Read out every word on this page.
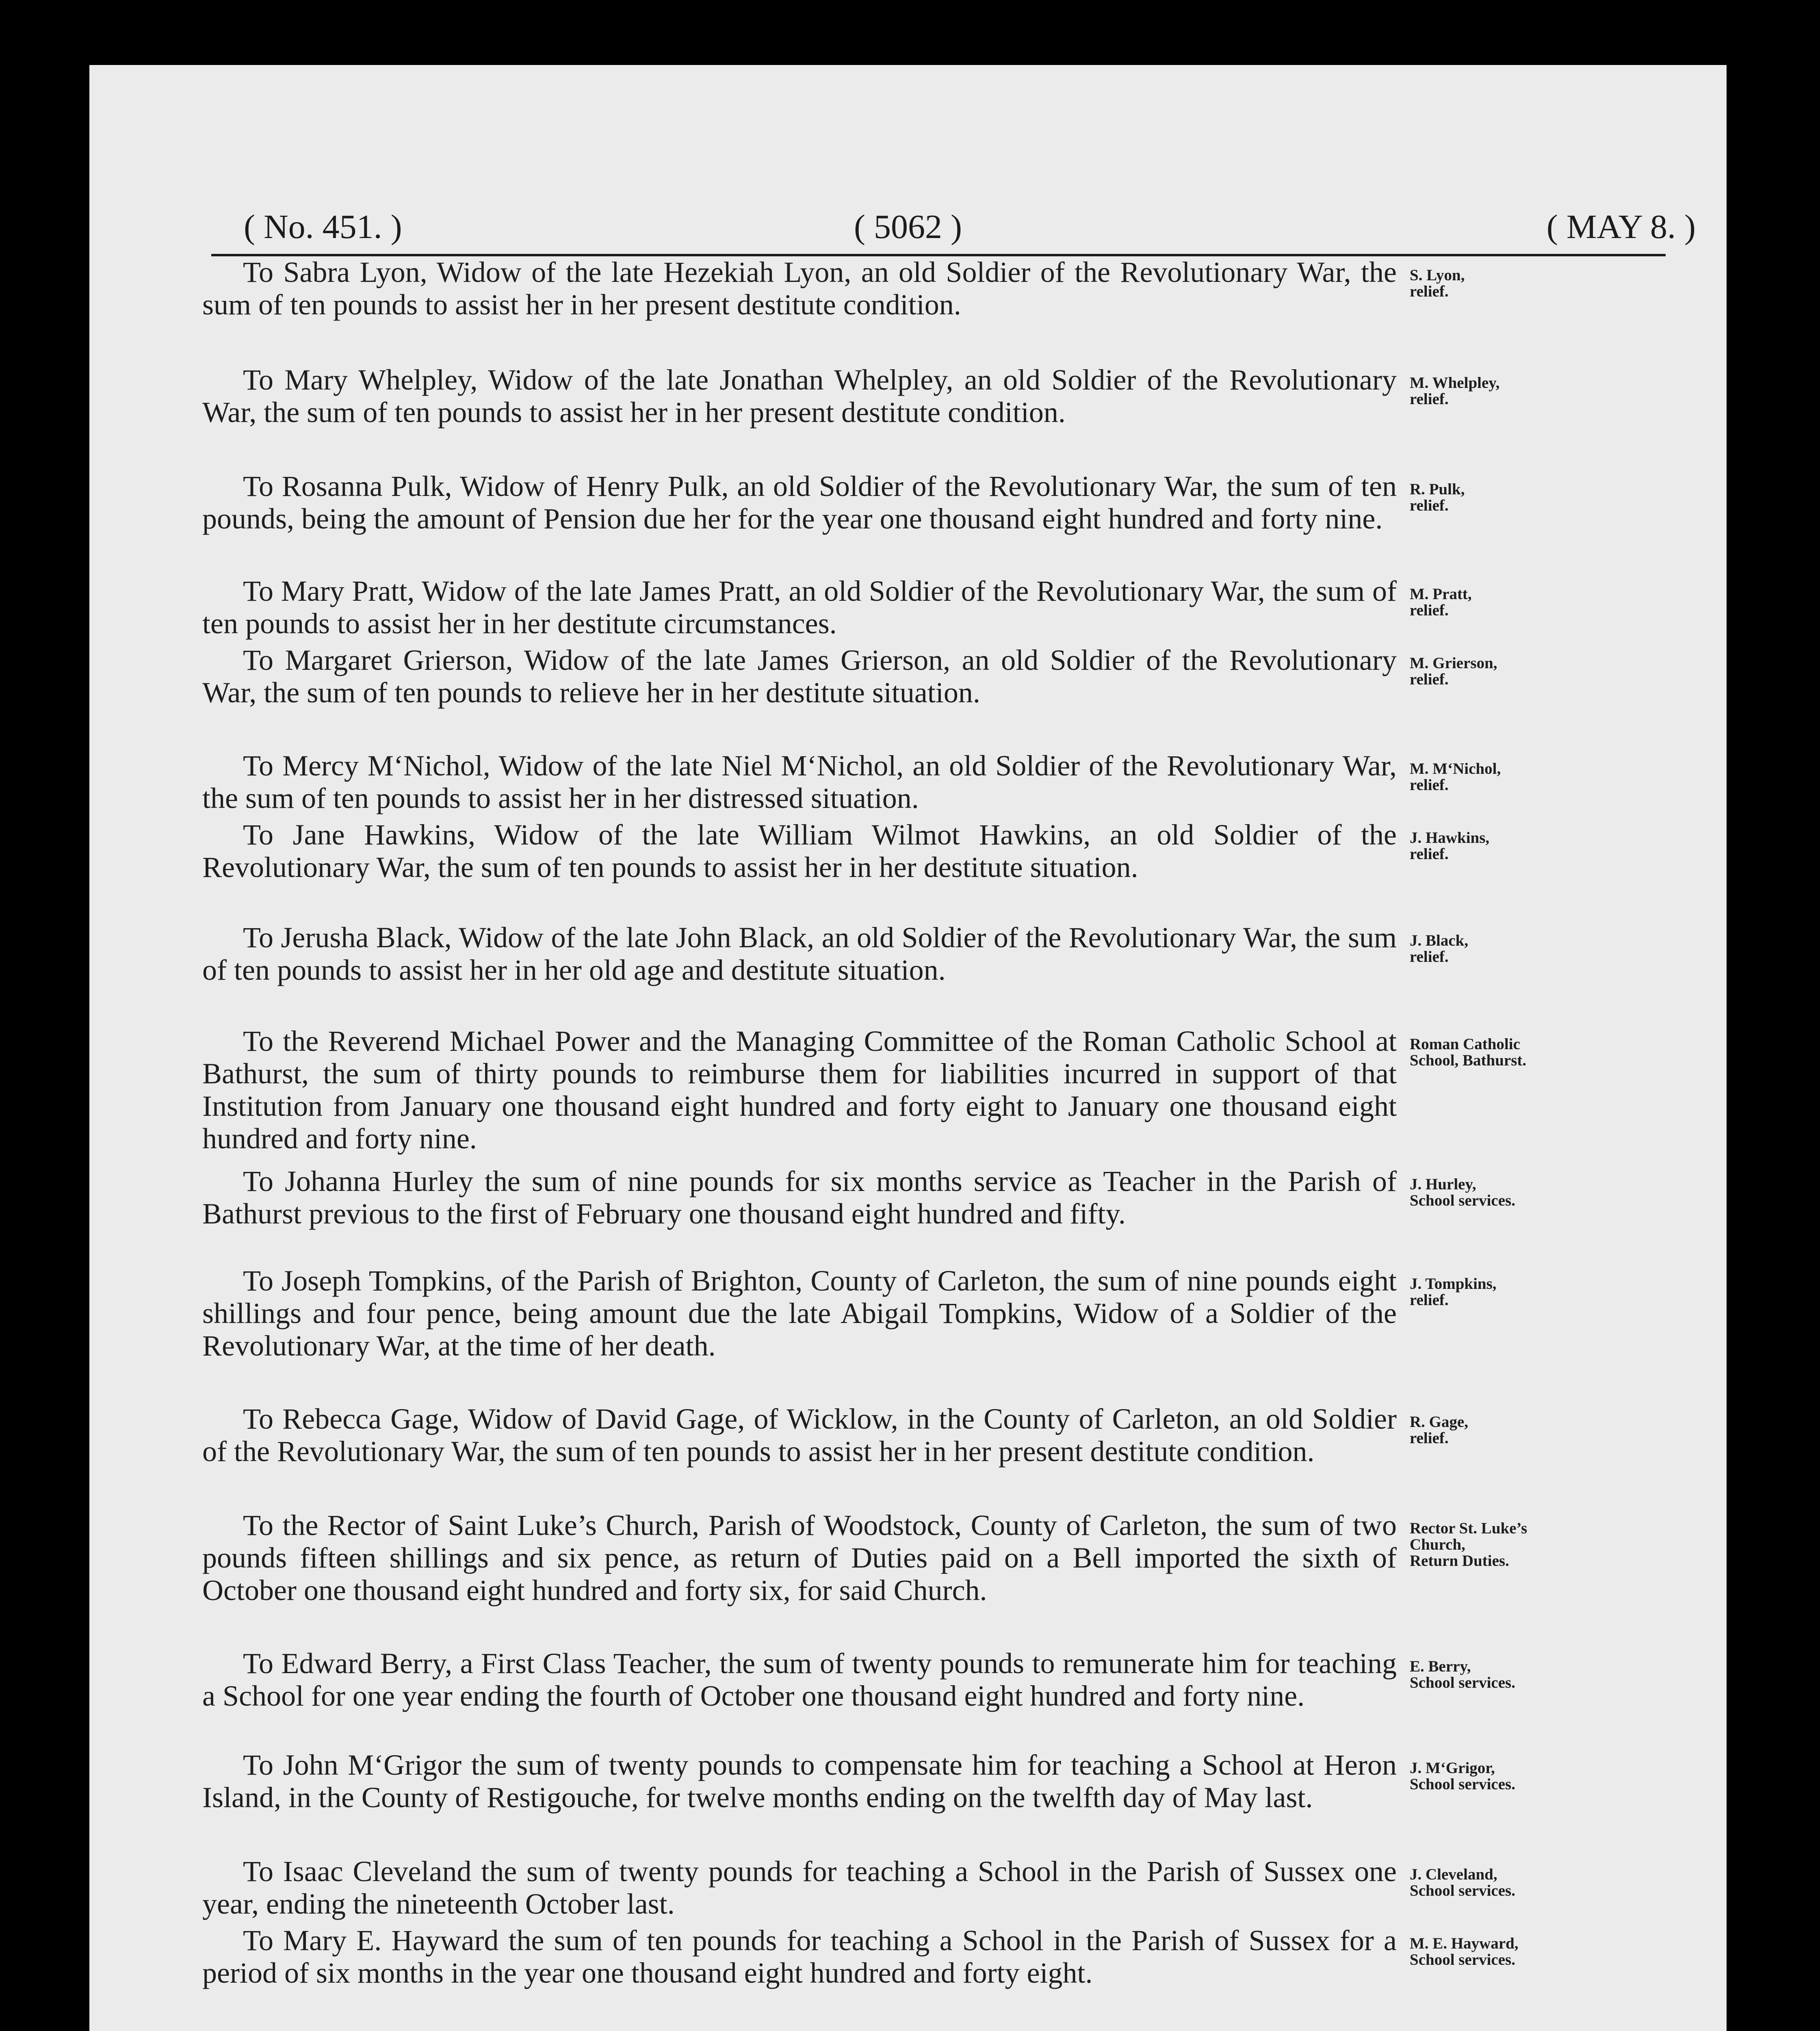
( No. 451. )	( 5062 )	( MAY 8. )
To Sabra Lyon, Widow of the late Hezekiah Lyon, an old Soldier of the Revolutionary War, the sum of ten pounds to assist her in her present destitute condition.
S. Lyon,
relief.
To Mary Whelpley, Widow of the late Jonathan Whelpley, an old Soldier of the Revolutionary War, the sum of ten pounds to assist her in her present destitute condition.
M. Whelpley,
relief.
To Rosanna Pulk, Widow of Henry Pulk, an old Soldier of the Revolutionary War, the sum of ten pounds, being the amount of Pension due her for the year one thousand eight hundred and forty nine.
R. Pulk,
relief.
To Mary Pratt, Widow of the late James Pratt, an old Soldier of the Revolutionary War, the sum of ten pounds to assist her in her destitute circumstances.
M. Pratt,
relief.
To Margaret Grierson, Widow of the late James Grierson, an old Soldier of the Revolutionary War, the sum of ten pounds to relieve her in her destitute situation.
M. Grierson,
relief.
To Mercy M‘Nichol, Widow of the late Niel M‘Nichol, an old Soldier of the Revolutionary War, the sum of ten pounds to assist her in her distressed situation.
M. M‘Nichol,
relief.
To Jane Hawkins, Widow of the late William Wilmot Hawkins, an old Soldier of the Revolutionary War, the sum of ten pounds to assist her in her destitute situation.
J. Hawkins,
relief.
To Jerusha Black, Widow of the late John Black, an old Soldier of the Revolutionary War, the sum of ten pounds to assist her in her old age and destitute situation.
J. Black,
relief.
To the Reverend Michael Power and the Managing Committee of the Roman Catholic School at Bathurst, the sum of thirty pounds to reimburse them for liabilities incurred in support of that Institution from January one thousand eight hundred and forty eight to January one thousand eight hundred and forty nine.
Roman Catholic
School, Bathurst.
To Johanna Hurley the sum of nine pounds for six months service as Teacher in the Parish of Bathurst previous to the first of February one thousand eight hundred and fifty.
J. Hurley,
School services.
To Joseph Tompkins, of the Parish of Brighton, County of Carleton, the sum of nine pounds eight shillings and four pence, being amount due the late Abigail Tompkins, Widow of a Soldier of the Revolutionary War, at the time of her death.
J. Tompkins,
relief.
To Rebecca Gage, Widow of David Gage, of Wicklow, in the County of Carleton, an old Soldier of the Revolutionary War, the sum of ten pounds to assist her in her present destitute condition.
R. Gage,
relief.
To the Rector of Saint Luke’s Church, Parish of Woodstock, County of Carleton, the sum of two pounds fifteen shillings and six pence, as return of Duties paid on a Bell imported the sixth of October one thousand eight hundred and forty six, for said Church.
Rector St. Luke’s
Church,
Return Duties.
To Edward Berry, a First Class Teacher, the sum of twenty pounds to remunerate him for teaching a School for one year ending the fourth of October one thousand eight hundred and forty nine.
E. Berry,
School services.
To John M‘Grigor the sum of twenty pounds to compensate him for teaching a School at Heron Island, in the County of Restigouche, for twelve months ending on the twelfth day of May last.
J. M‘Grigor,
School services.
To Isaac Cleveland the sum of twenty pounds for teaching a School in the Parish of Sussex one year, ending the nineteenth October last.
J. Cleveland,
School services.
To Mary E. Hayward the sum of ten pounds for teaching a School in the Parish of Sussex for a period of six months in the year one thousand eight hundred and forty eight.
M. E. Hayward,
School services.
